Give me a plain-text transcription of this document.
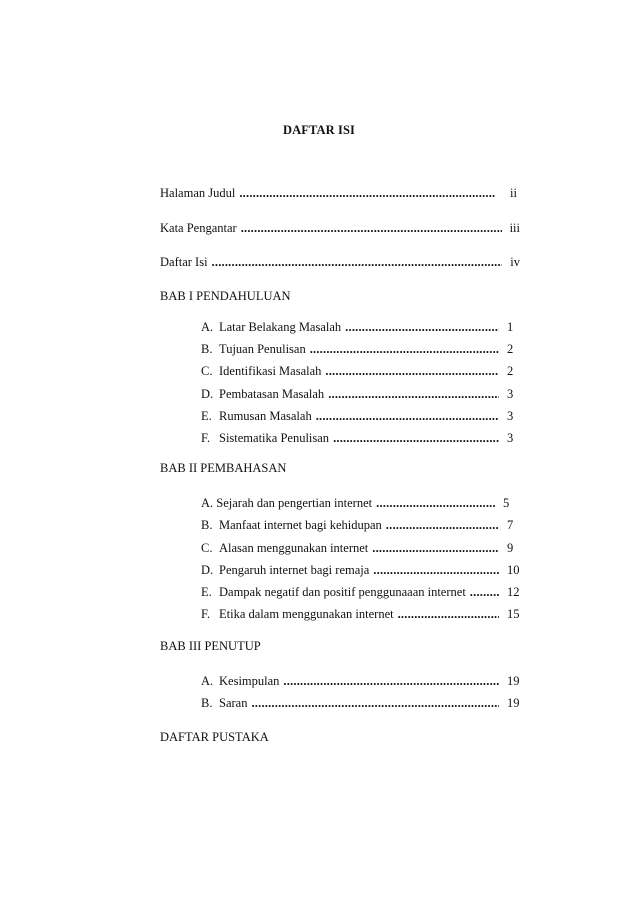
DAFTAR ISI
Halaman Judul .....	ii
Kata Pengantar .....	iii
Daftar Isi .....	iv
BAB I PENDAHULUAN
A. Latar Belakang Masalah .....	1
B. Tujuan Penulisan .....	2
C. Identifikasi Masalah .....	2
D. Pembatasan Masalah .....	3
E. Rumusan Masalah .....	3
F. Sistematika Penulisan .....	3
BAB II PEMBAHASAN
A. Sejarah dan pengertian internet .....	5
B. Manfaat internet bagi kehidupan .....	7
C. Alasan menggunakan internet .....	9
D. Pengaruh internet bagi remaja .....	10
E. Dampak negatif dan positif penggunaaan internet .....	12
F. Etika dalam menggunakan internet .....	15
BAB III PENUTUP
A. Kesimpulan .....	19
B. Saran .....	19
DAFTAR PUSTAKA
